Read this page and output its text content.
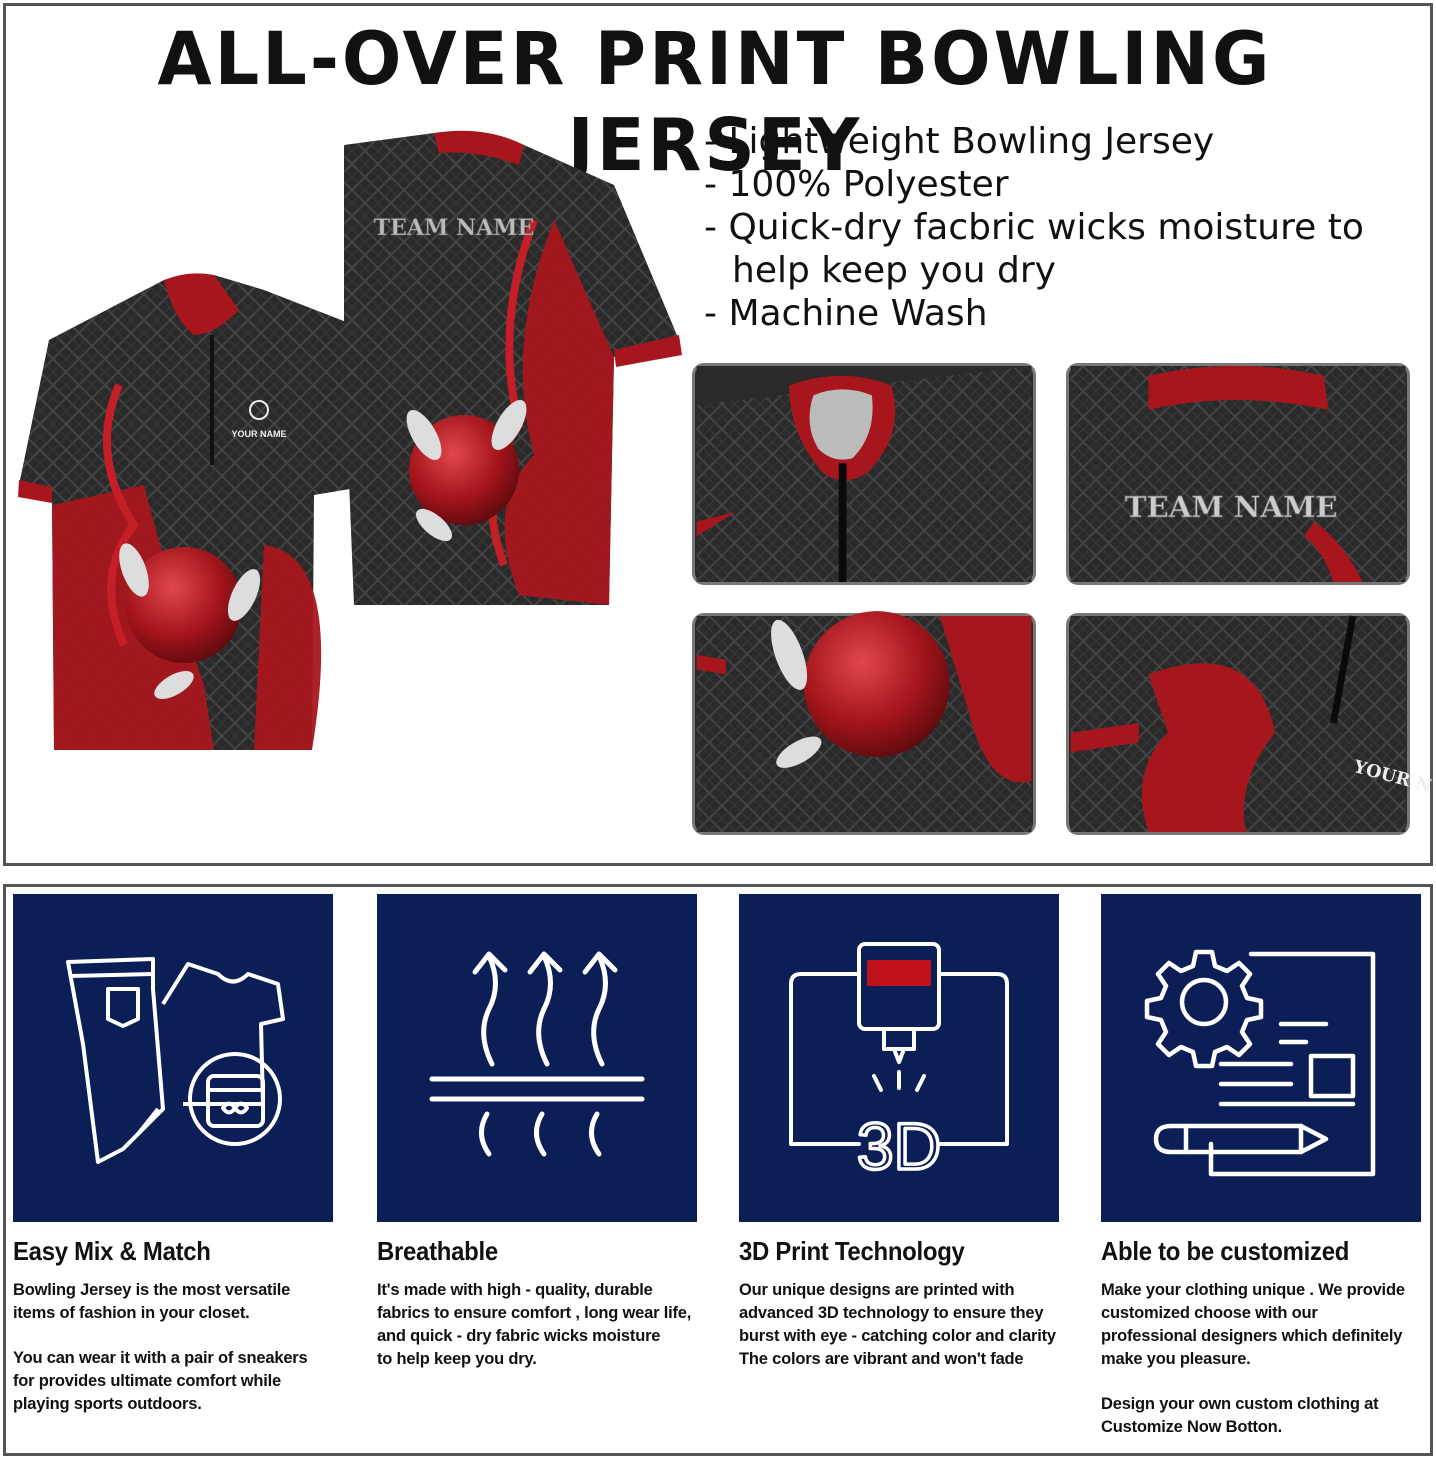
ALL-OVER PRINT BOWLING JERSEY
- Lightweight Bowling Jersey
- 100% Polyester
- Quick-dry facbric wicks moisture to help keep you dry
- Machine Wash
TEAM NAME
YOUR NAME
TEAM NAME
YOUR N
Easy Mix & Match

Bowling Jersey is the most versatile
items of fashion in your closet.

You can wear it with a pair of sneakers
for provides ultimate comfort while
playing sports outdoors.

Breathable

It's made with high - quality, durable
fabrics to ensure comfort , long wear life,
and quick - dry fabric wicks moisture
to help keep you dry.

3D
3D Print Technology

Our unique designs are printed with
advanced 3D technology to ensure they
burst with eye - catching color and clarity
The colors are vibrant and won't fade

Able to be customized

Make your clothing unique . We provide
customized choose with our
professional designers which definitely
make you pleasure.

Design your own custom clothing at
Customize Now Botton.
